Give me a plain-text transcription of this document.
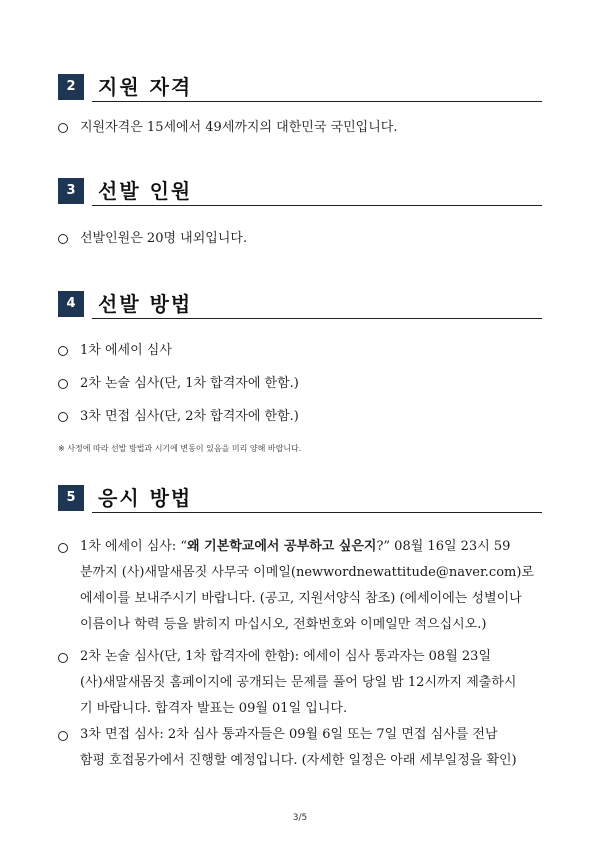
2	지원 자격
지원자격은 15세에서 49세까지의 대한민국 국민입니다.
3	선발 인원
선발인원은 20명 내외입니다.
4	선발 방법
1차 에세이 심사
2차 논술 심사(단, 1차 합격자에 한함.)
3차 면접 심사(단, 2차 합격자에 한함.)
※ 사정에 따라 선발 방법과 시기에 변동이 있음을 미리 양해 바랍니다.
5	응시 방법
1차 에세이 심사: “왜 기본학교에서 공부하고 싶은지?” 08월 16일 23시 59
분까지 (사)새말새몸짓 사무국 이메일(newwordnewattitude@naver.com)로
에세이를 보내주시기 바랍니다. (공고, 지원서양식 참조) (에세이에는 성별이나
이름이나 학력 등을 밝히지 마십시오, 전화번호와 이메일만 적으십시오.)
2차 논술 심사(단, 1차 합격자에 한함): 에세이 심사 통과자는 08월 23일
(사)새말새몸짓 홈페이지에 공개되는 문제를 풀어 당일 밤 12시까지 제출하시
기 바랍니다. 합격자 발표는 09월 01일 입니다.
3차 면접 심사: 2차 심사 통과자들은 09월 6일 또는 7일 면접 심사를 전남
함평 호접몽가에서 진행할 예정입니다. (자세한 일정은 아래 세부일정을 확인)
3/5
